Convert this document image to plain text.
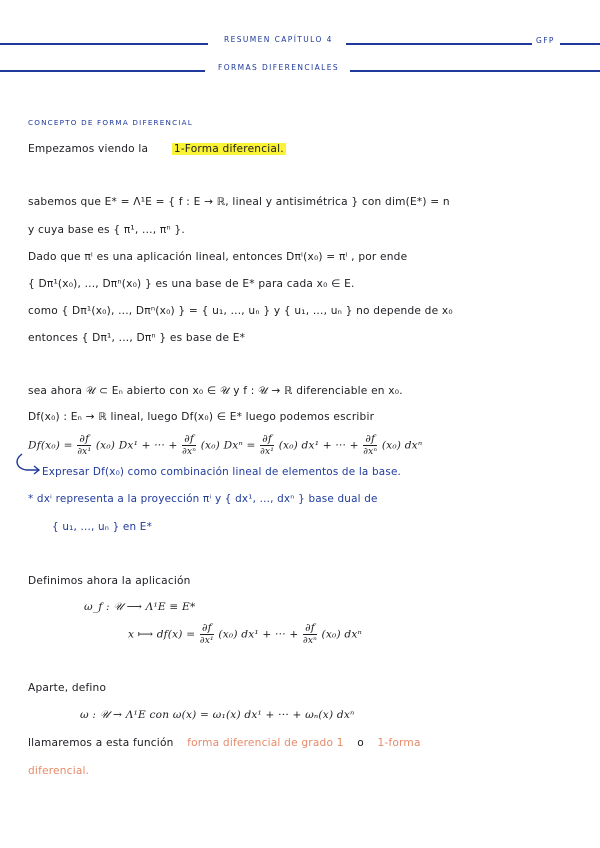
RESUMEN CAPÍTULO 4	GFP
FORMAS DIFERENCIALES
CONCEPTO DE FORMA DIFERENCIAL
Empezamos viendo la 1-Forma diferencial.
sabemos que E* = Λ¹E = { f : E → ℝ, lineal y antisimétrica } con dim(E*) = n
y cuya base es { π¹, ..., πⁿ }.
Dado que πⁱ es una aplicación lineal, entonces Dπⁱ(x₀) = πⁱ , por ende
{ Dπ¹(x₀), ..., Dπⁿ(x₀) } es una base de E* para cada x₀ ∈ E.
como { Dπ¹(x₀), ..., Dπⁿ(x₀) } = { u₁, ..., uₙ } y { u₁, ..., uₙ } no depende de x₀
entonces { Dπ¹, ..., Dπⁿ } es base de E*
sea ahora 𝒰 ⊂ Eₙ abierto con x₀ ∈ 𝒰 y f : 𝒰 → ℝ diferenciable en x₀.
Df(x₀) : Eₙ → ℝ lineal, luego Df(x₀) ∈ E* luego podemos escribir
$Df(x_0) = \frac{\partial f}{\text{∂x¹}} (x_0) Dx^1$ + ··· + $\frac{\partial f}{\text{∂xⁿ}} (x_0) Dx^n = \frac{\partial f}{\text{∂x¹}} (x_0) dx^1$ + ··· + $\frac{\partial f}{\text{∂xⁿ}} (x_0)$ dxⁿ
Expresar Df(x₀) como combinación lineal de elementos de la base.
* dxⁱ representa a la proyección πⁱ y { dx¹, ..., dxⁿ } base dual de
{ u₁, ..., uₙ } en E*
Definimos ahora la aplicación
ω_f : 𝒰 ⟶ Λ¹E ≡ E*
x ⟼ $df(x) = \frac{\partial f}{\text{∂x¹}} (x_0) dx^1$ + ··· + $\frac{\partial f}{\text{∂xⁿ}} (x_0)$ dxⁿ
Aparte, defino
ω : 𝒰 → Λ¹E con ω(x) = ω₁(x) dx¹ + ··· + ωₙ(x) dxⁿ
llamaremos a esta función forma diferencial de grado 1 o 1-forma
diferencial.
